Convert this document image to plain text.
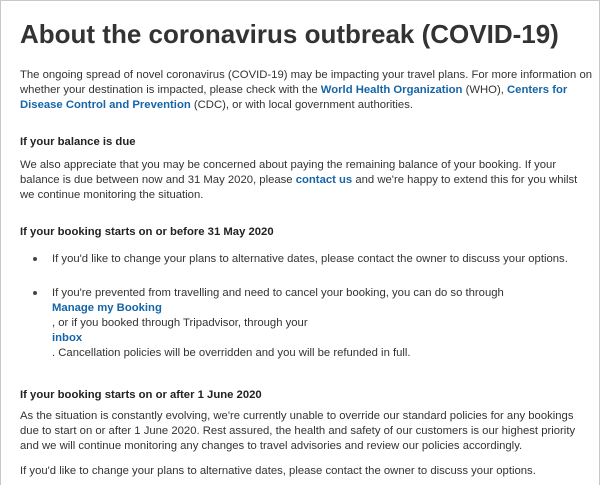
About the coronavirus outbreak (COVID-19)

The ongoing spread of novel coronavirus (COVID-19) may be impacting your travel plans. For more information on whether your destination is impacted, please check with the World Health Organization (WHO), Centers for Disease Control and Prevention (CDC), or with local government authorities.

If your balance is due

We also appreciate that you may be concerned about paying the remaining balance of your booking. If your balance is due between now and 31 May 2020, please contact us and we're happy to extend this for you whilst we continue monitoring the situation.

If your booking starts on or before 31 May 2020
If you'd like to change your plans to alternative dates, please contact the owner to discuss your options.
If you're prevented from travelling and need to cancel your booking, you can do so through
Manage my Booking
, or if you booked through Tripadvisor, through your
inbox
. Cancellation policies will be overridden and you will be refunded in full.
If your booking starts on or after 1 June 2020

As the situation is constantly evolving, we're currently unable to override our standard policies for any bookings due to start on or after 1 June 2020. Rest assured, the health and safety of our customers is our highest priority and we will continue monitoring any changes to travel advisories and review our policies accordingly.

If you'd like to change your plans to alternative dates, please contact the owner to discuss your options.
